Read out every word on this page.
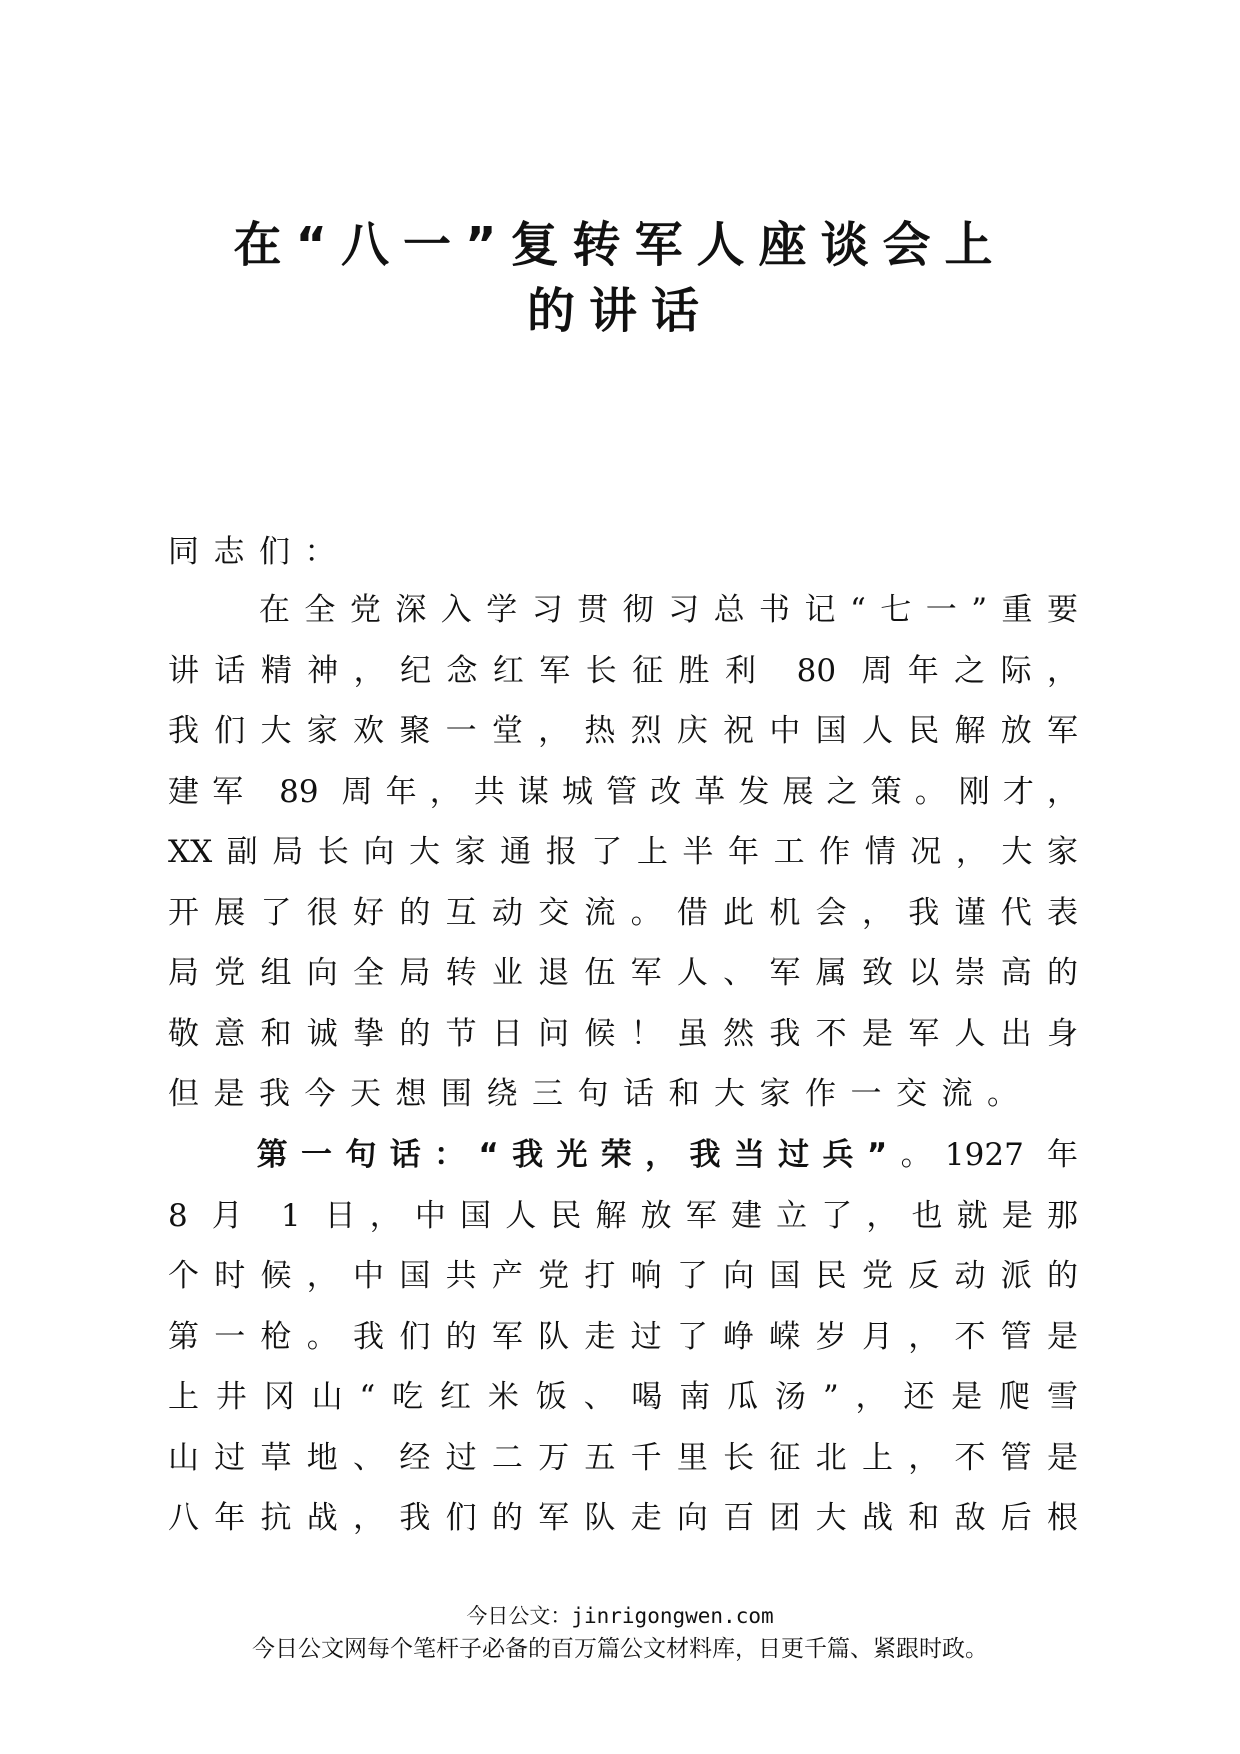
在“八一”复转军人座谈会上
的讲话

同志们：

　　在全党深入学习贯彻习总书记“七一”重要
讲话精神，纪念红军长征胜利 80 周年之际，
我们大家欢聚一堂，热烈庆祝中国人民解放军
建军 89 周年，共谋城管改革发展之策。刚才，
XX副局长向大家通报了上半年工作情况，大家
开展了很好的互动交流。借此机会，我谨代表
局党组向全局转业退伍军人、军属致以崇高的
敬意和诚挚的节日问候！虽然我不是军人出身
但是我今天想围绕三句话和大家作一交流。
　　第一句话：“我光荣，我当过兵”。1927 年
8 月 1 日，中国人民解放军建立了，也就是那
个时候，中国共产党打响了向国民党反动派的
第一枪。我们的军队走过了峥嵘岁月，不管是
上井冈山“吃红米饭、喝南瓜汤”，还是爬雪
山过草地、经过二万五千里长征北上，不管是
八年抗战，我们的军队走向百团大战和敌后根

今日公文：jinrigongwen.com

今日公文网每个笔杆子必备的百万篇公文材料库，日更千篇、紧跟时政。
